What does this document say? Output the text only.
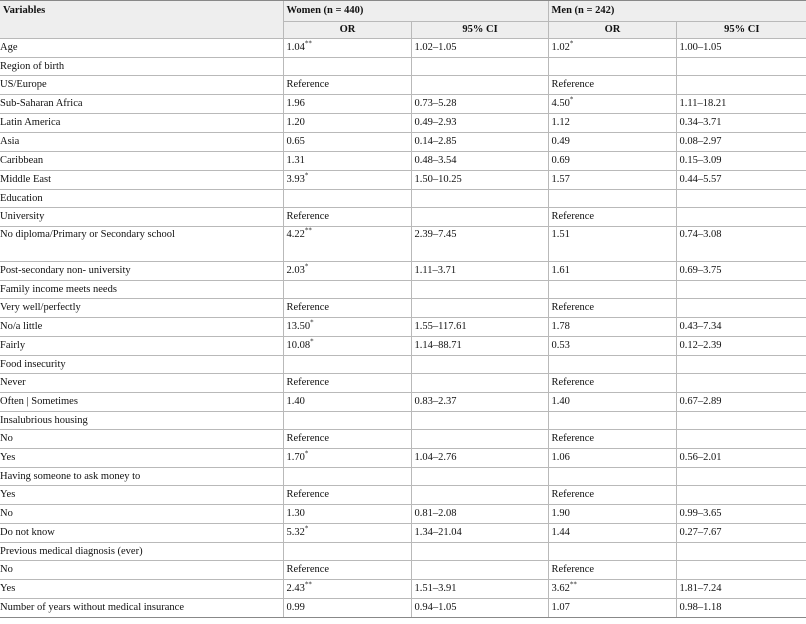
Variables	Women (n = 440)		Men (n = 242)	
	OR	95% CI	OR	95% CI
Age	1.04**	1.02–1.05	1.02*	1.00–1.05
Region of birth				
US/Europe	Reference		Reference	
Sub-Saharan Africa	1.96	0.73–5.28	4.50*	1.11–18.21
Latin America	1.20	0.49–2.93	1.12	0.34–3.71
Asia	0.65	0.14–2.85	0.49	0.08–2.97
Caribbean	1.31	0.48–3.54	0.69	0.15–3.09
Middle East	3.93*	1.50–10.25	1.57	0.44–5.57
Education				
University	Reference		Reference	
No diploma/Primary or Secondary school	4.22**	2.39–7.45	1.51	0.74–3.08
Post-secondary non- university	2.03*	1.11–3.71	1.61	0.69–3.75
Family income meets needs				
Very well/perfectly	Reference		Reference	
No/a little	13.50*	1.55–117.61	1.78	0.43–7.34
Fairly	10.08*	1.14–88.71	0.53	0.12–2.39
Food insecurity				
Never	Reference		Reference	
Often | Sometimes	1.40	0.83–2.37	1.40	0.67–2.89
Insalubrious housing				
No	Reference		Reference	
Yes	1.70*	1.04–2.76	1.06	0.56–2.01
Having someone to ask money to				
Yes	Reference		Reference	
No	1.30	0.81–2.08	1.90	0.99–3.65
Do not know	5.32*	1.34–21.04	1.44	0.27–7.67
Previous medical diagnosis (ever)				
No	Reference		Reference	
Yes	2.43**	1.51–3.91	3.62**	1.81–7.24
Number of years without medical insurance	0.99	0.94–1.05	1.07	0.98–1.18
